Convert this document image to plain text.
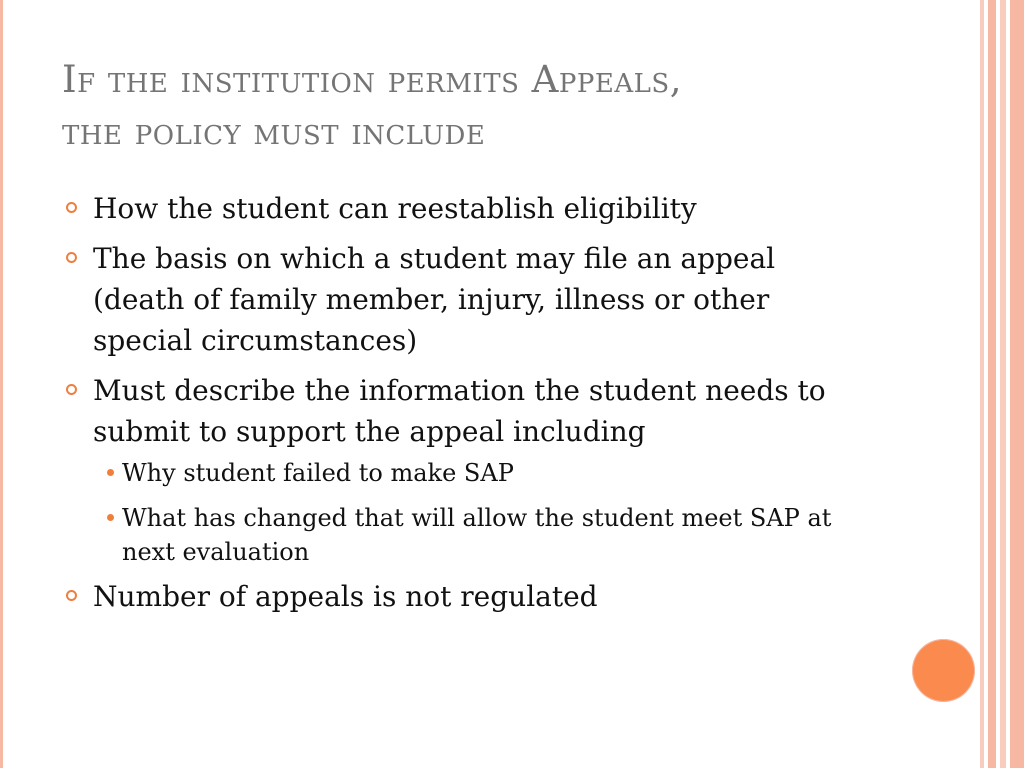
If the institution permits Appeals,
the policy must include
How the student can reestablish eligibility
The basis on which a student may file an appeal (death of family member, injury, illness or other special circumstances)
Must describe the information the student needs to submit to support the appeal including
Why student failed to make SAP
What has changed that will allow the student meet SAP at next evaluation
Number of appeals is not regulated
